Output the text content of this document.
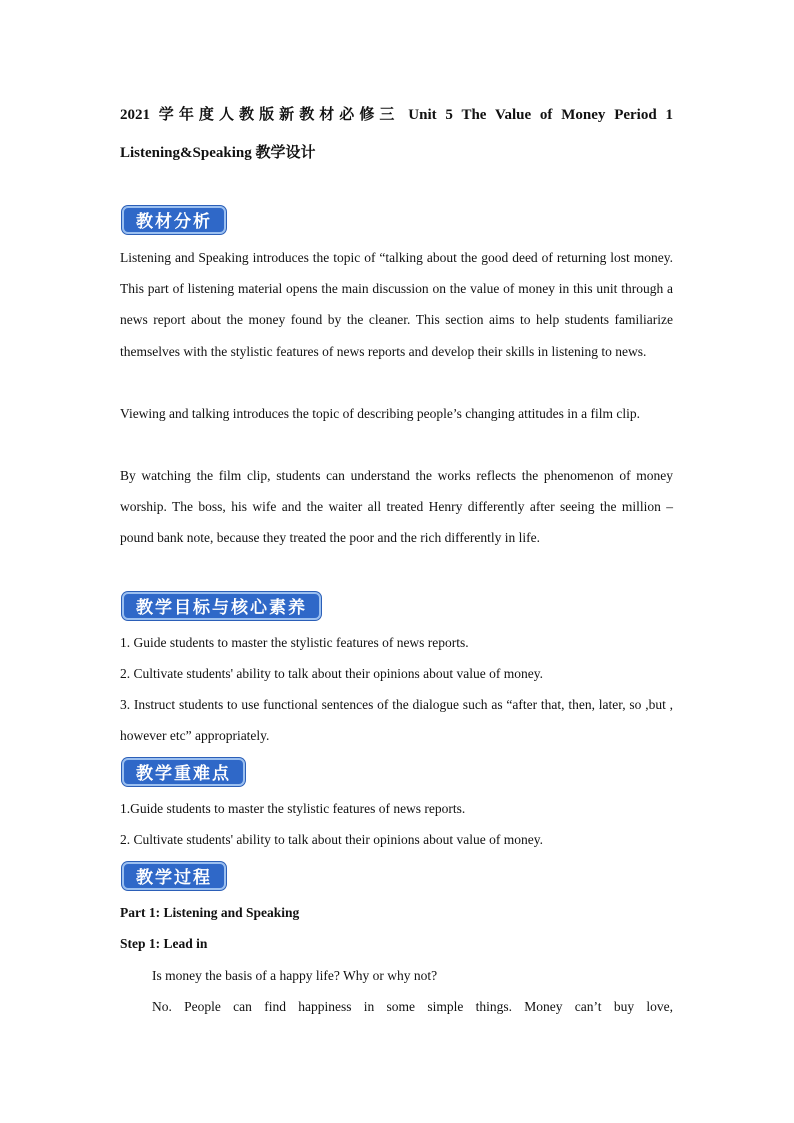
2021 学年度人教版新教材必修三 Unit 5 The Value of Money Period 1 Listening&Speaking 教学设计
教材分析
Listening and Speaking introduces the topic of “talking about the good deed of returning lost money. This part of listening material opens the main discussion on the value of money in this unit through a news report about the money found by the cleaner. This section aims to help students familiarize themselves with the stylistic features of news reports and develop their skills in listening to news.
Viewing and talking introduces the topic of describing people’s changing attitudes in a film clip.
By watching the film clip, students can understand the works reflects the phenomenon of money worship. The boss, his wife and the waiter all treated Henry differently after seeing the million –pound bank note, because they treated the poor and the rich differently in life.
教学目标与核心素养
1. Guide students to master the stylistic features of news reports.
2. Cultivate students' ability to talk about their opinions about value of money.
3. Instruct students to use functional sentences of the dialogue such as “after that, then, later, so ,but , however etc” appropriately.
教学重难点
1.Guide students to master the stylistic features of news reports.
2. Cultivate students' ability to talk about their opinions about value of money.
教学过程
Part 1: Listening and Speaking
Step 1: Lead in
Is money the basis of a happy life? Why or why not?
No. People can find happiness in some simple things. Money can’t buy love,
